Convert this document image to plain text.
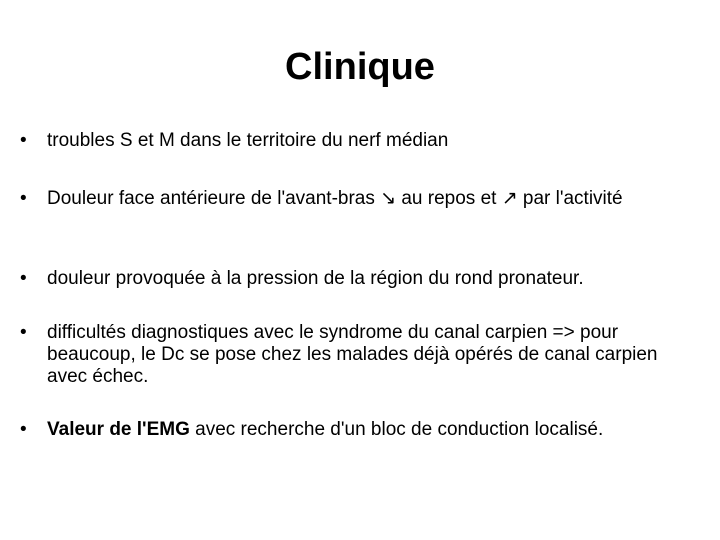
Clinique
•	troubles S et M dans le territoire du nerf médian
•	Douleur face antérieure de l'avant-bras ↘ au repos et ↗ par l'activité
•	douleur provoquée à la pression de la région du rond pronateur.
•	difficultés diagnostiques avec le syndrome du canal carpien => pour beaucoup, le Dc se pose chez les malades déjà opérés de canal carpien avec échec.
•	Valeur de l'EMG avec recherche d'un bloc de conduction localisé.
